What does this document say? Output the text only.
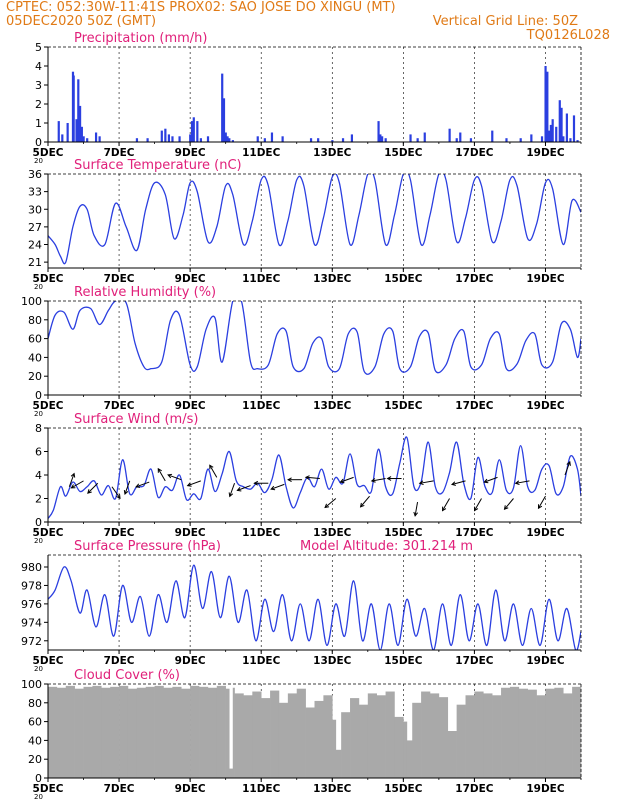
CPTEC: 052:30W-11:41S PROX02: SAO JOSE DO XINGU (MT)
05DEC2020 50Z (GMT)	Vertical Grid Line: 50Z
TQ0126L028
0
1
2
3
4
5
5DEC	7DEC	9DEC	11DEC	13DEC	15DEC	17DEC	19DEC
20
Precipitation (mm/h)
21
24
27
30
33
36
5DEC	7DEC	9DEC	11DEC	13DEC	15DEC	17DEC	19DEC
20
Surface Temperature (nC)
0
20
40
60
80
100
5DEC	7DEC	9DEC	11DEC	13DEC	15DEC	17DEC	19DEC
20
Relative Humidity (%)
0
2
4
6
8
5DEC	7DEC	9DEC	11DEC	13DEC	15DEC	17DEC	19DEC
20
Surface Wind (m/s)
972
974
976
978
980
5DEC	7DEC	9DEC	11DEC	13DEC	15DEC	17DEC	19DEC
20
Surface Pressure (hPa)	Model Altitude: 301.214 m
0
20
40
60
80
100
5DEC	7DEC	9DEC	11DEC	13DEC	15DEC	17DEC	19DEC
20
Cloud Cover (%)
